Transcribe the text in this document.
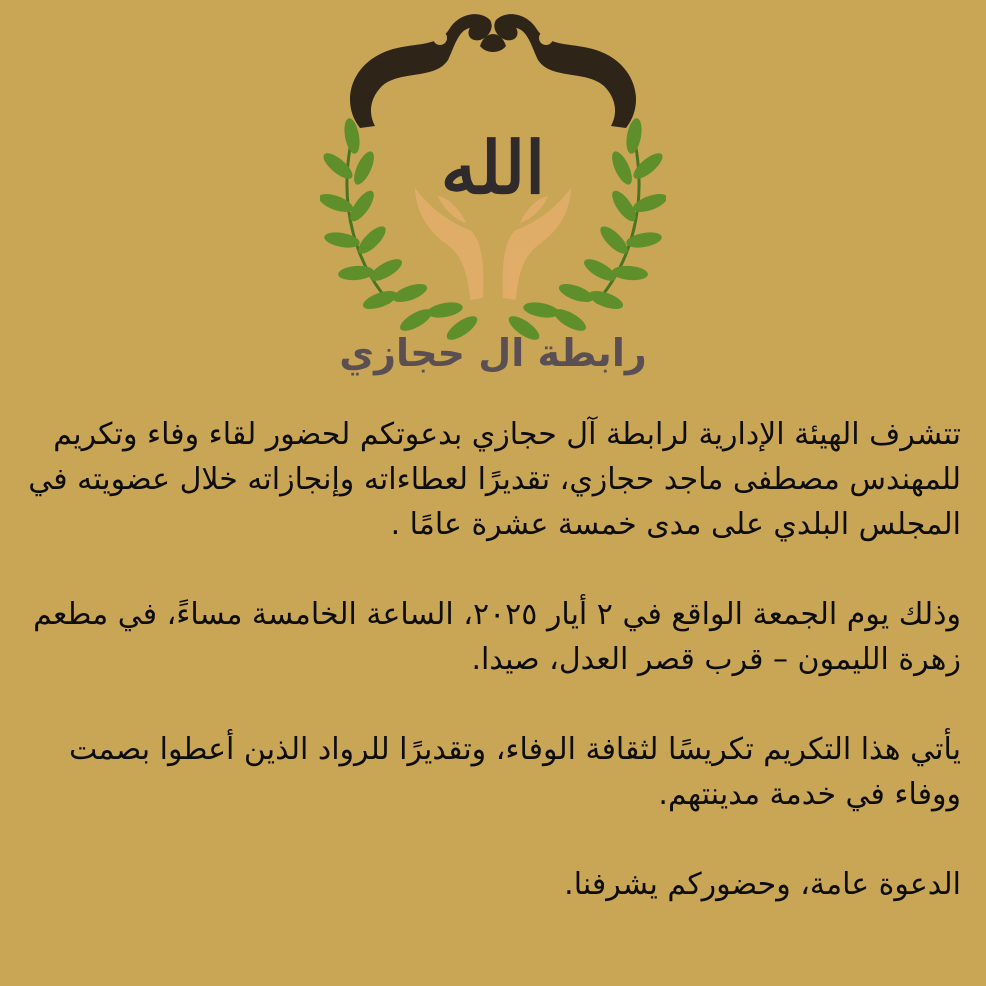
الله
رابطة ال حجازي

تتشرف الهيئة الإدارية لرابطة آل حجازي بدعوتكم لحضور لقاء وفاء وتكريم للمهندس مصطفى ماجد حجازي، تقديرًا لعطاءاته وإنجازاته خلال عضويته في المجلس البلدي على مدى خمسة عشرة عامًا .

وذلك يوم الجمعة الواقع في ٢ أيار ٢٠٢٥، الساعة الخامسة مساءً، في مطعم زهرة الليمون – قرب قصر العدل، صيدا.

يأتي هذا التكريم تكريسًا لثقافة الوفاء، وتقديرًا للرواد الذين أعطوا بصمت ووفاء في خدمة مدينتهم.

الدعوة عامة، وحضوركم يشرفنا.
